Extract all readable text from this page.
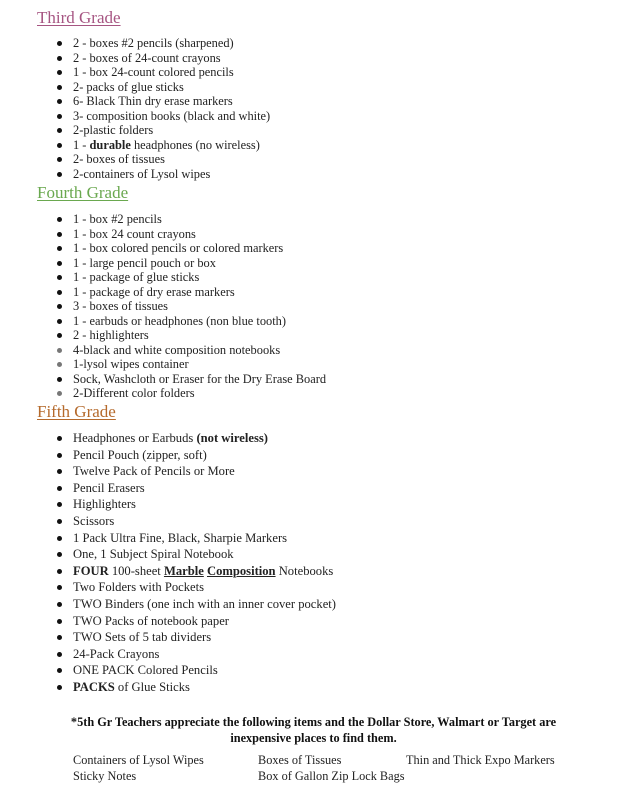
Third Grade
2 - boxes #2 pencils (sharpened)
2 - boxes of 24-count crayons
1 - box 24-count colored pencils
2- packs of glue sticks
6- Black Thin dry erase markers
3- composition books (black and white)
2-plastic folders
1 - durable headphones (no wireless)
2- boxes of tissues
2-containers of Lysol wipes
Fourth Grade
1 - box #2 pencils
1 - box 24 count crayons
1 - box colored pencils or colored markers
1 - large pencil pouch or box
1 - package of glue sticks
1 - package of dry erase markers
3 - boxes of tissues
1 - earbuds or headphones (non blue tooth)
2 - highlighters
4-black and white composition notebooks
1-lysol wipes container
Sock, Washcloth or Eraser for the Dry Erase Board
2-Different color folders
Fifth Grade
Headphones or Earbuds (not wireless)
Pencil Pouch (zipper, soft)
Twelve Pack of Pencils or More
Pencil Erasers
Highlighters
Scissors
1 Pack Ultra Fine, Black, Sharpie Markers
One, 1 Subject Spiral Notebook
FOUR 100-sheet Marble Composition Notebooks
Two Folders with Pockets
TWO Binders (one inch with an inner cover pocket)
TWO Packs of notebook paper
TWO Sets of 5 tab dividers
24-Pack Crayons
ONE PACK Colored Pencils
PACKS of Glue Sticks
*5th Gr Teachers appreciate the following items and the Dollar Store, Walmart or Target are
inexpensive places to find them.
Containers of Lysol Wipes	Boxes of Tissues	Thin and Thick Expo Markers
Sticky Notes	Box of Gallon Zip Lock Bags
